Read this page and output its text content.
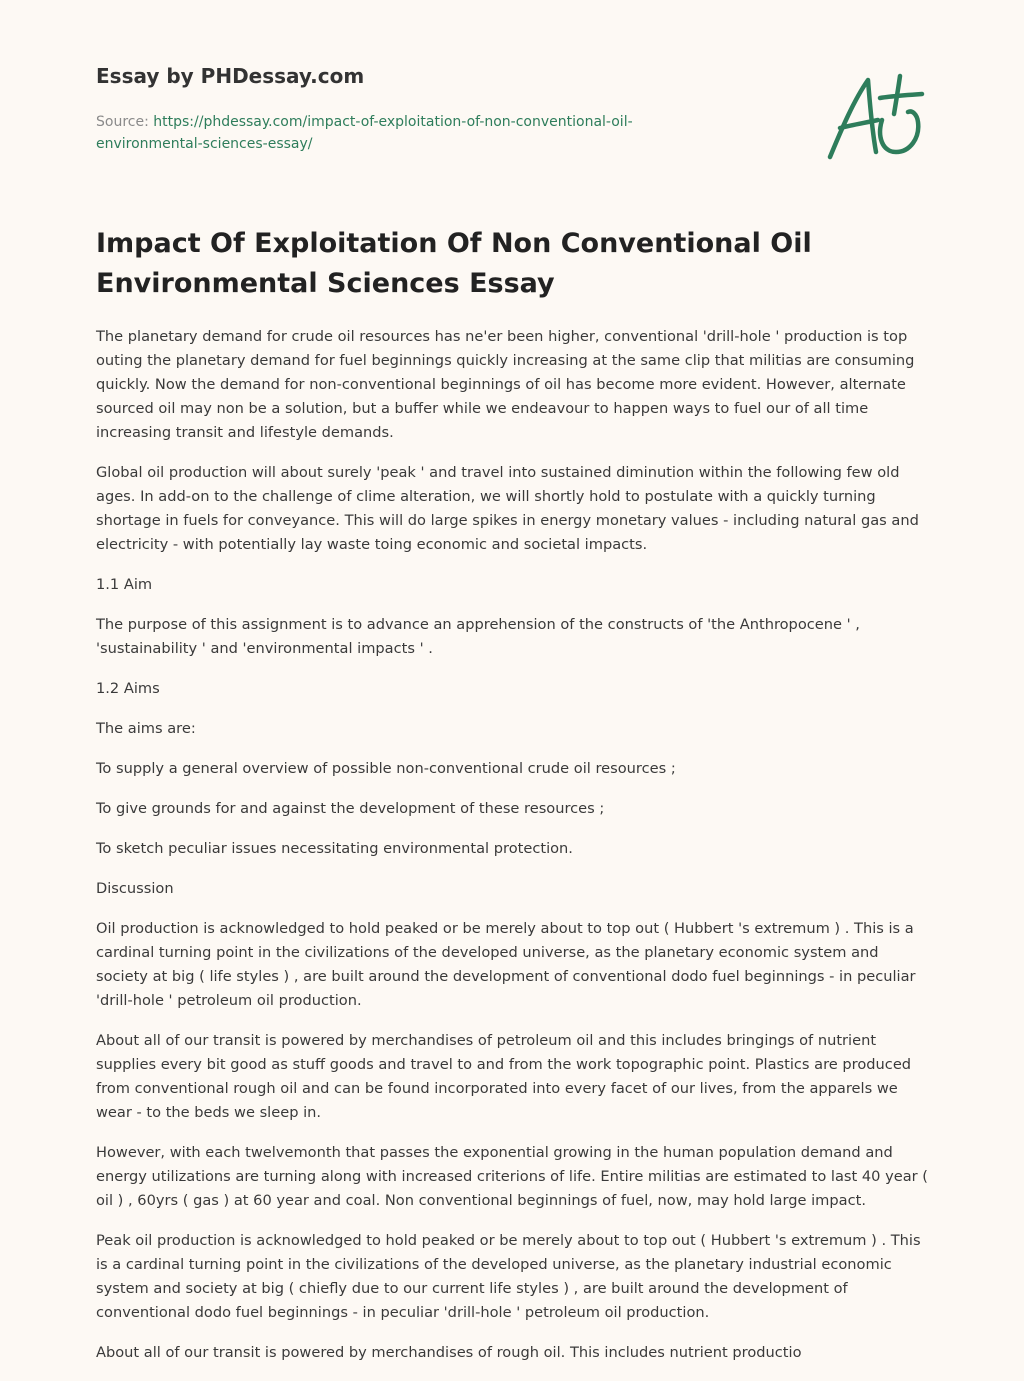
Essay by PHDessay.com
Source: https://phdessay.com/impact-of-exploitation-of-non-conventional-oil-environmental-sciences-essay/
Impact Of Exploitation Of Non Conventional Oil Environmental Sciences Essay

The planetary demand for crude oil resources has ne'er been higher, conventional 'drill-hole ' production is top outing the planetary demand for fuel beginnings quickly increasing at the same clip that militias are consuming quickly. Now the demand for non-conventional beginnings of oil has become more evident. However, alternate sourced oil may non be a solution, but a buffer while we endeavour to happen ways to fuel our of all time increasing transit and lifestyle demands.

Global oil production will about surely 'peak ' and travel into sustained diminution within the following few old ages. In add-on to the challenge of clime alteration, we will shortly hold to postulate with a quickly turning shortage in fuels for conveyance. This will do large spikes in energy monetary values - including natural gas and electricity - with potentially lay waste toing economic and societal impacts.

1.1 Aim

The purpose of this assignment is to advance an apprehension of the constructs of 'the Anthropocene ' , 'sustainability ' and 'environmental impacts ' .

1.2 Aims

The aims are:

To supply a general overview of possible non-conventional crude oil resources ;

To give grounds for and against the development of these resources ;

To sketch peculiar issues necessitating environmental protection.

Discussion

Oil production is acknowledged to hold peaked or be merely about to top out ( Hubbert 's extremum ) . This is a cardinal turning point in the civilizations of the developed universe, as the planetary economic system and society at big ( life styles ) , are built around the development of conventional dodo fuel beginnings - in peculiar 'drill-hole ' petroleum oil production.

About all of our transit is powered by merchandises of petroleum oil and this includes bringings of nutrient supplies every bit good as stuff goods and travel to and from the work topographic point. Plastics are produced from conventional rough oil and can be found incorporated into every facet of our lives, from the apparels we wear - to the beds we sleep in.

However, with each twelvemonth that passes the exponential growing in the human population demand and energy utilizations are turning along with increased criterions of life. Entire militias are estimated to last 40 year ( oil ) , 60yrs ( gas ) at 60 year and coal. Non conventional beginnings of fuel, now, may hold large impact.

Peak oil production is acknowledged to hold peaked or be merely about to top out ( Hubbert 's extremum ) . This is a cardinal turning point in the civilizations of the developed universe, as the planetary industrial economic system and society at big ( chiefly due to our current life styles ) , are built around the development of conventional dodo fuel beginnings - in peculiar 'drill-hole ' petroleum oil production.

About all of our transit is powered by merchandises of rough oil. This includes nutrient productio
